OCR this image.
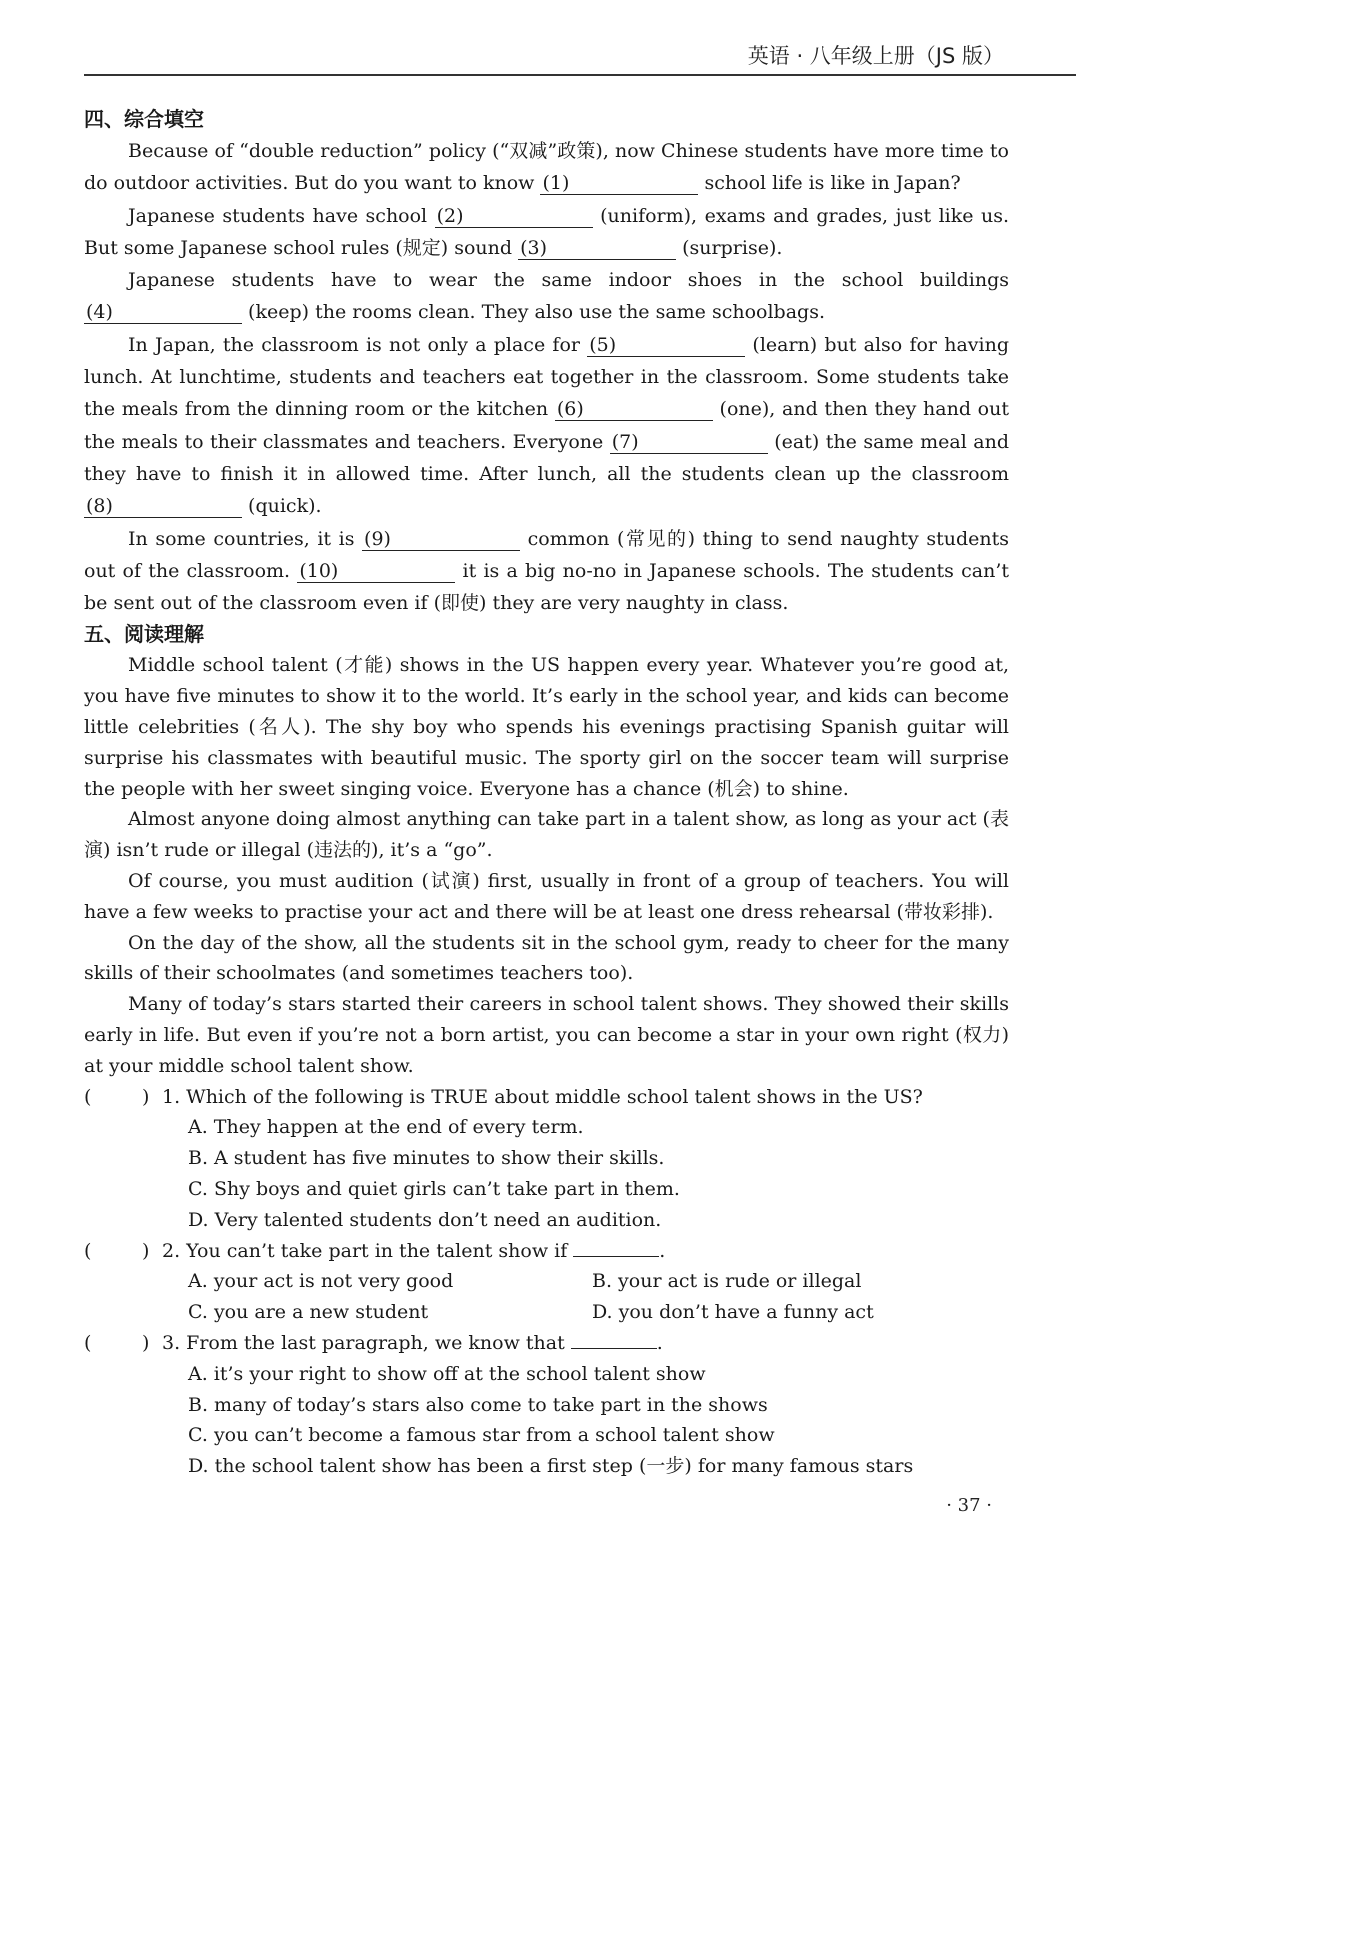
英语 · 八年级上册（JS 版）
四、综合填空

Because of “double reduction” policy (“双减”政策), now Chinese students have more time to do outdoor activities. But do you want to know (1)	school life is like in Japan?

Japanese students have school (2)	(uniform), exams and grades, just like us. But some Japanese school rules (规定) sound (3)	(surprise).

Japanese students have to wear the same indoor shoes in the school buildings (4)	(keep) the rooms clean. They also use the same schoolbags.

In Japan, the classroom is not only a place for (5)	(learn) but also for having lunch. At lunchtime, students and teachers eat together in the classroom. Some students take the meals from the dinning room or the kitchen (6)	(one), and then they hand out the meals to their classmates and teachers. Everyone (7)	(eat) the same meal and they have to finish it in allowed time. After lunch, all the students clean up the classroom (8)	(quick).

In some countries, it is (9)	common (常见的) thing to send naughty students out of the classroom. (10)	it is a big no-no in Japanese schools. The students can’t be sent out of the classroom even if (即使) they are very naughty in class.

五、阅读理解

Middle school talent (才能) shows in the US happen every year. Whatever you’re good at, you have five minutes to show it to the world. It’s early in the school year, and kids can become little celebrities (名人). The shy boy who spends his evenings practising Spanish guitar will surprise his classmates with beautiful music. The sporty girl on the soccer team will surprise the people with her sweet singing voice. Everyone has a chance (机会) to shine.

Almost anyone doing almost anything can take part in a talent show, as long as your act (表演) isn’t rude or illegal (违法的), it’s a “go”.

Of course, you must audition (试演) first, usually in front of a group of teachers. You will have a few weeks to practise your act and there will be at least one dress rehearsal (带妆彩排).

On the day of the show, all the students sit in the school gym, ready to cheer for the many skills of their schoolmates (and sometimes teachers too).

Many of today’s stars started their careers in school talent shows. They showed their skills early in life. But even if you’re not a born artist, you can become a star in your own right (权力) at your middle school talent show.

(	) 1. Which of the following is TRUE about middle school talent shows in the US?
A. They happen at the end of every term.
B. A student has five minutes to show their skills.
C. Shy boys and quiet girls can’t take part in them.
D. Very talented students don’t need an audition.
(	) 2. You can’t take part in the talent show if	.
A. your act is not very good	B. your act is rude or illegal
C. you are a new student	D. you don’t have a funny act
(	) 3. From the last paragraph, we know that	.
A. it’s your right to show off at the school talent show
B. many of today’s stars also come to take part in the shows
C. you can’t become a famous star from a school talent show
D. the school talent show has been a first step (一步) for many famous stars
· 37 ·
